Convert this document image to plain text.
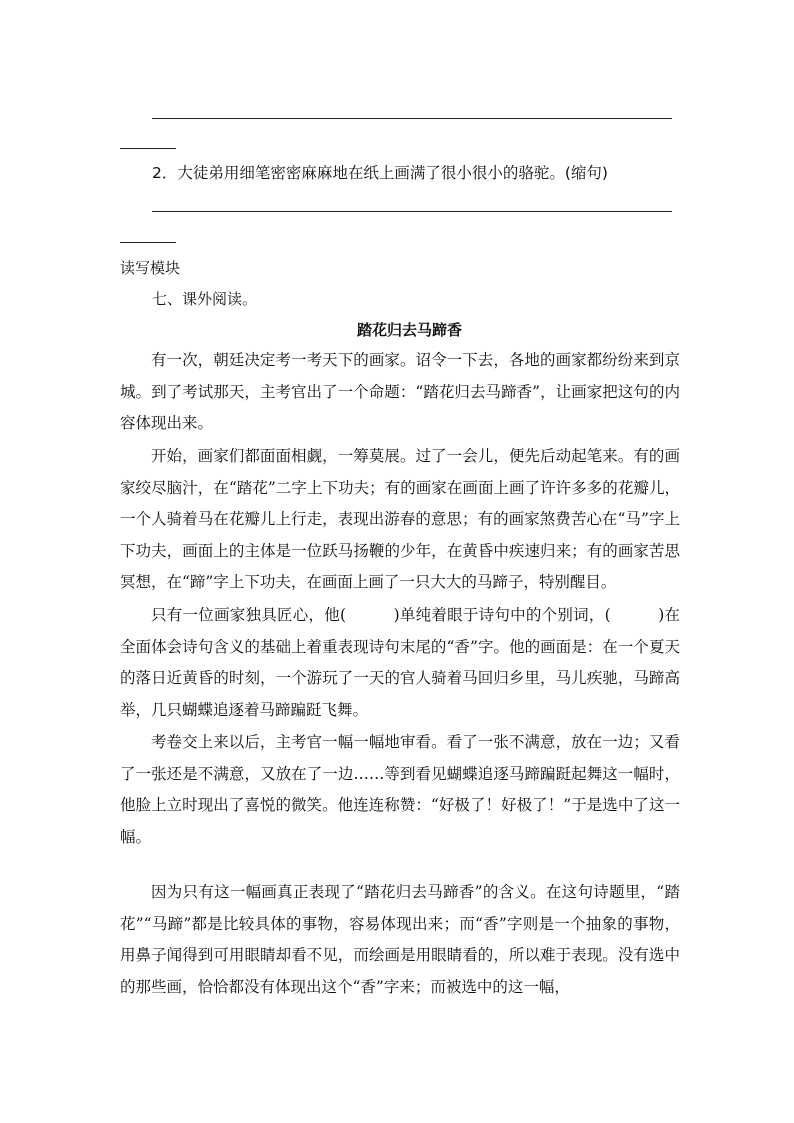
2．大徒弟用细笔密密麻麻地在纸上画满了很小很小的骆驼。(缩句)
读写模块
七、课外阅读。
踏花归去马蹄香
有一次，朝廷决定考一考天下的画家。诏令一下去，各地的画家都纷纷来到京城。到了考试那天，主考官出了一个命题：“踏花归去马蹄香”，让画家把这句的内容体现出来。
开始，画家们都面面相觑，一筹莫展。过了一会儿，便先后动起笔来。有的画家绞尽脑汁，在“踏花”二字上下功夫；有的画家在画面上画了许许多多的花瓣儿，一个人骑着马在花瓣儿上行走，表现出游春的意思；有的画家煞费苦心在“马”字上下功夫，画面上的主体是一位跃马扬鞭的少年，在黄昏中疾速归来；有的画家苦思冥想，在“蹄”字上下功夫，在画面上画了一只大大的马蹄子，特别醒目。
只有一位画家独具匠心，他(　　　)单纯着眼于诗句中的个别词，(　　　)在全面体会诗句含义的基础上着重表现诗句末尾的“香”字。他的画面是：在一个夏天的落日近黄昏的时刻，一个游玩了一天的官人骑着马回归乡里，马儿疾驰，马蹄高举，几只蝴蝶追逐着马蹄蹁跹飞舞。
考卷交上来以后，主考官一幅一幅地审看。看了一张不满意，放在一边；又看了一张还是不满意，又放在了一边……等到看见蝴蝶追逐马蹄蹁跹起舞这一幅时，他脸上立时现出了喜悦的微笑。他连连称赞：“好极了！好极了！”于是选中了这一幅。
因为只有这一幅画真正表现了“踏花归去马蹄香”的含义。在这句诗题里，“踏花”“马蹄”都是比较具体的事物，容易体现出来；而“香”字则是一个抽象的事物，用鼻子闻得到可用眼睛却看不见，而绘画是用眼睛看的，所以难于表现。没有选中的那些画，恰恰都没有体现出这个“香”字来；而被选中的这一幅，
